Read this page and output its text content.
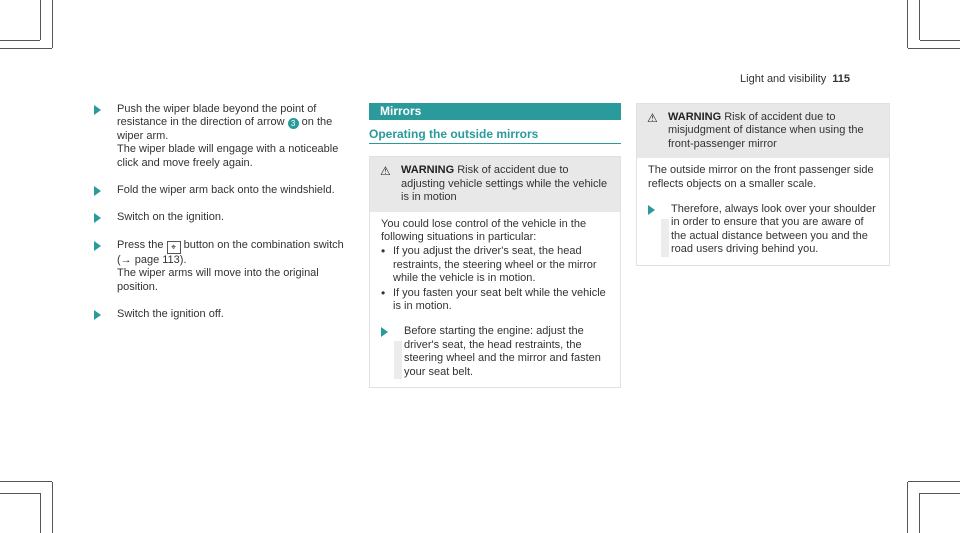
Light and visibility 115
Push the wiper blade beyond the point of resistance in the direction of arrow 3 on the wiper arm.
The wiper blade will engage with a noticeable click and move freely again.
Fold the wiper arm back onto the windshield.
Switch on the ignition.
Press the ⌖ button on the combination switch (→ page 113).
The wiper arms will move into the original position.
Switch the ignition off.
Mirrors
Operating the outside mirrors
⚠ WARNING Risk of accident due to adjusting vehicle settings while the vehicle is in motion
You could lose control of the vehicle in the following situations in particular:
• If you adjust the driver's seat, the head restraints, the steering wheel or the mirror while the vehicle is in motion.
• If you fasten your seat belt while the vehicle is in motion.
Before starting the engine: adjust the driver's seat, the head restraints, the steering wheel and the mirror and fasten your seat belt.
⚠ WARNING Risk of accident due to misjudgment of distance when using the front-passenger mirror
The outside mirror on the front passenger side reflects objects on a smaller scale.
Therefore, always look over your shoulder in order to ensure that you are aware of the actual distance between you and the road users driving behind you.
